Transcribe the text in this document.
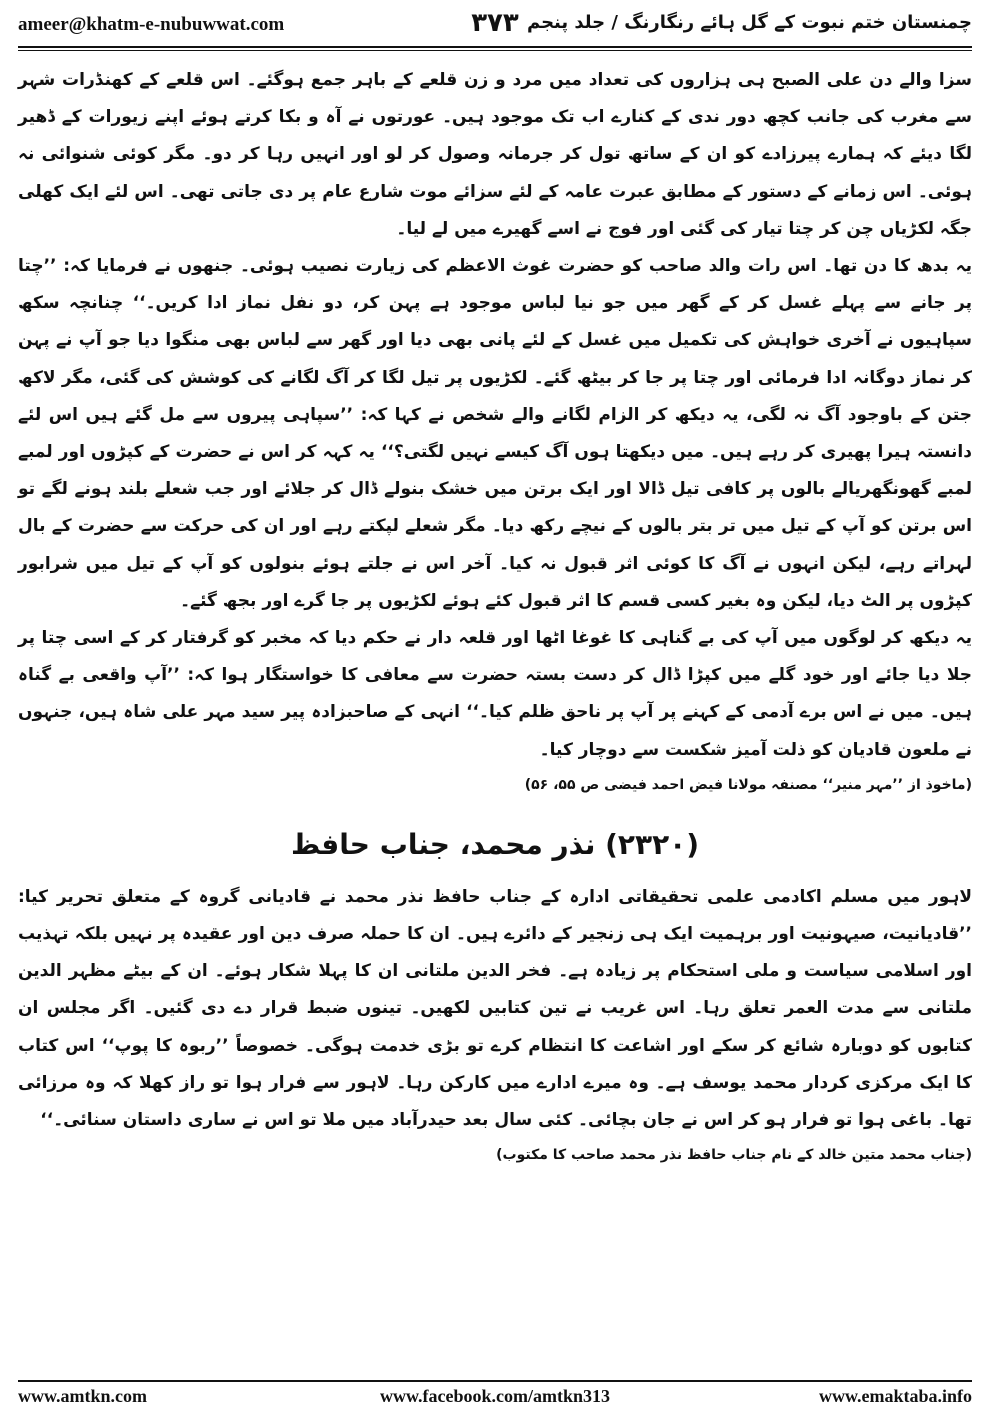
ameer@khatm-e-nubuwwat.com	۳۷۳ چمنستان ختم نبوت کے گل ہائے رنگارنگ / جلد پنجم

سزا والے دن علی الصبح ہی ہزاروں کی تعداد میں مرد و زن قلعے کے باہر جمع ہوگئے۔ اس قلعے کے کھنڈرات شہر سے مغرب کی جانب کچھ دور ندی کے کنارے اب تک موجود ہیں۔ عورتوں نے آہ و بکا کرتے ہوئے اپنے زیورات کے ڈھیر لگا دیئے کہ ہمارے پیرزادے کو ان کے ساتھ تول کر جرمانہ وصول کر لو اور انہیں رہا کر دو۔ مگر کوئی شنوائی نہ ہوئی۔ اس زمانے کے دستور کے مطابق عبرت عامہ کے لئے سزائے موت شارع عام پر دی جاتی تھی۔ اس لئے ایک کھلی جگہ لکڑیاں چن کر چتا تیار کی گئی اور فوج نے اسے گھیرے میں لے لیا۔

یہ بدھ کا دن تھا۔ اس رات والد صاحب کو حضرت غوث الاعظم کی زیارت نصیب ہوئی۔ جنھوں نے فرمایا کہ: ’’چتا پر جانے سے پہلے غسل کر کے گھر میں جو نیا لباس موجود ہے پہن کر، دو نفل نماز ادا کریں۔‘‘ چنانچہ سکھ سپاہیوں نے آخری خواہش کی تکمیل میں غسل کے لئے پانی بھی دیا اور گھر سے لباس بھی منگوا دیا جو آپ نے پہن کر نماز دوگانہ ادا فرمائی اور چتا پر جا کر بیٹھ گئے۔ لکڑیوں پر تیل لگا کر آگ لگانے کی کوشش کی گئی، مگر لاکھ جتن کے باوجود آگ نہ لگی، یہ دیکھ کر الزام لگانے والے شخص نے کہا کہ: ’’سپاہی پیروں سے مل گئے ہیں اس لئے دانستہ ہیرا پھیری کر رہے ہیں۔ میں دیکھتا ہوں آگ کیسے نہیں لگتی؟‘‘ یہ کہہ کر اس نے حضرت کے کپڑوں اور لمبے لمبے گھونگھریالے بالوں پر کافی تیل ڈالا اور ایک برتن میں خشک بنولے ڈال کر جلائے اور جب شعلے بلند ہونے لگے تو اس برتن کو آپ کے تیل میں تر بتر بالوں کے نیچے رکھ دیا۔ مگر شعلے لپکتے رہے اور ان کی حرکت سے حضرت کے بال لہراتے رہے، لیکن انہوں نے آگ کا کوئی اثر قبول نہ کیا۔ آخر اس نے جلتے ہوئے بنولوں کو آپ کے تیل میں شرابور کپڑوں پر الٹ دیا، لیکن وہ بغیر کسی قسم کا اثر قبول کئے ہوئے لکڑیوں پر جا گرے اور بجھ گئے۔

یہ دیکھ کر لوگوں میں آپ کی بے گناہی کا غوغا اٹھا اور قلعہ دار نے حکم دیا کہ مخبر کو گرفتار کر کے اسی چتا پر جلا دیا جائے اور خود گلے میں کپڑا ڈال کر دست بستہ حضرت سے معافی کا خواستگار ہوا کہ: ’’آپ واقعی بے گناہ ہیں۔ میں نے اس برے آدمی کے کہنے پر آپ پر ناحق ظلم کیا۔‘‘ انہی کے صاحبزادہ پیر سید مہر علی شاہ ہیں، جنہوں نے ملعون قادیان کو ذلت آمیز شکست سے دوچار کیا۔

(ماخوذ از ’’مہر منیر‘‘ مصنفہ مولانا فیض احمد فیضی ص ۵۵، ۵۶)

(۲۳۲۰) نذر محمد، جناب حافظ

لاہور میں مسلم اکادمی علمی تحقیقاتی ادارہ کے جناب حافظ نذر محمد نے قادیانی گروہ کے متعلق تحریر کیا: ’’قادیانیت، صیہونیت اور برہمیت ایک ہی زنجیر کے دائرے ہیں۔ ان کا حملہ صرف دین اور عقیدہ پر نہیں بلکہ تہذیب اور اسلامی سیاست و ملی استحکام پر زیادہ ہے۔ فخر الدین ملتانی ان کا پہلا شکار ہوئے۔ ان کے بیٹے مظہر الدین ملتانی سے مدت العمر تعلق رہا۔ اس غریب نے تین کتابیں لکھیں۔ تینوں ضبط قرار دے دی گئیں۔ اگر مجلس ان کتابوں کو دوبارہ شائع کر سکے اور اشاعت کا انتظام کرے تو بڑی خدمت ہوگی۔ خصوصاً ’’ربوہ کا پوپ‘‘ اس کتاب کا ایک مرکزی کردار محمد یوسف ہے۔ وہ میرے ادارے میں کارکن رہا۔ لاہور سے فرار ہوا تو راز کھلا کہ وہ مرزائی تھا۔ باغی ہوا تو فرار ہو کر اس نے جان بچائی۔ کئی سال بعد حیدرآباد میں ملا تو اس نے ساری داستان سنائی۔‘‘

(جناب محمد متین خالد کے نام جناب حافظ نذر محمد صاحب کا مکتوب)

www.amtkn.com	www.facebook.com/amtkn313	www.emaktaba.info
